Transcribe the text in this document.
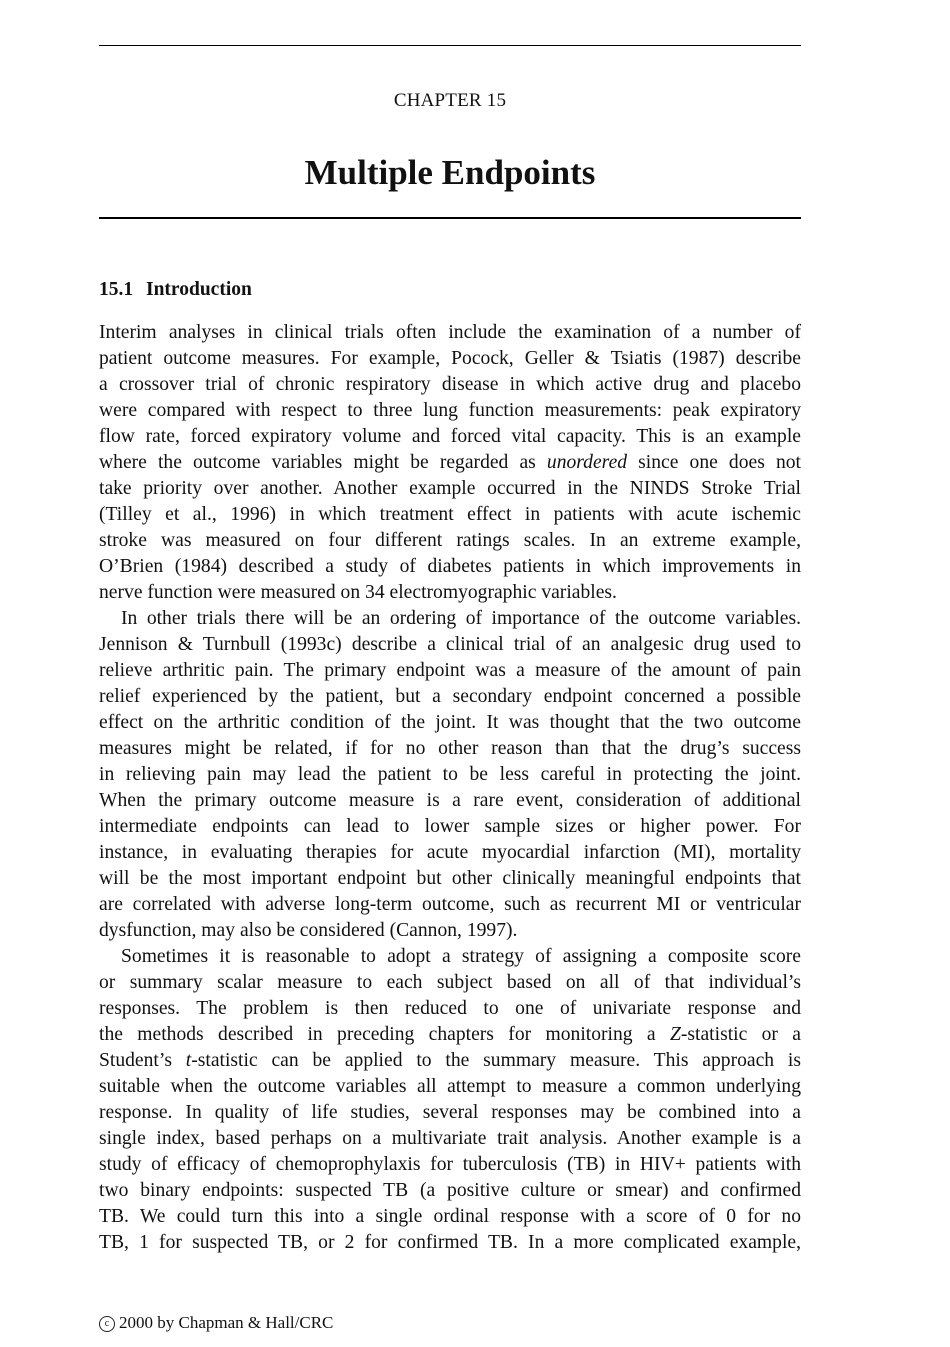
CHAPTER 15
Multiple Endpoints
15.1 Introduction
Interim analyses in clinical trials often include the examination of a number of
patient outcome measures. For example, Pocock, Geller & Tsiatis (1987) describe
a crossover trial of chronic respiratory disease in which active drug and placebo
were compared with respect to three lung function measurements: peak expiratory
flow rate, forced expiratory volume and forced vital capacity. This is an example
where the outcome variables might be regarded as unordered since one does not
take priority over another. Another example occurred in the NINDS Stroke Trial
(Tilley et al., 1996) in which treatment effect in patients with acute ischemic
stroke was measured on four different ratings scales. In an extreme example,
O’Brien (1984) described a study of diabetes patients in which improvements in
nerve function were measured on 34 electromyographic variables.
In other trials there will be an ordering of importance of the outcome variables.
Jennison & Turnbull (1993c) describe a clinical trial of an analgesic drug used to
relieve arthritic pain. The primary endpoint was a measure of the amount of pain
relief experienced by the patient, but a secondary endpoint concerned a possible
effect on the arthritic condition of the joint. It was thought that the two outcome
measures might be related, if for no other reason than that the drug’s success
in relieving pain may lead the patient to be less careful in protecting the joint.
When the primary outcome measure is a rare event, consideration of additional
intermediate endpoints can lead to lower sample sizes or higher power. For
instance, in evaluating therapies for acute myocardial infarction (MI), mortality
will be the most important endpoint but other clinically meaningful endpoints that
are correlated with adverse long-term outcome, such as recurrent MI or ventricular
dysfunction, may also be considered (Cannon, 1997).
Sometimes it is reasonable to adopt a strategy of assigning a composite score
or summary scalar measure to each subject based on all of that individual’s
responses. The problem is then reduced to one of univariate response and
the methods described in preceding chapters for monitoring a Z-statistic or a
Student’s t-statistic can be applied to the summary measure. This approach is
suitable when the outcome variables all attempt to measure a common underlying
response. In quality of life studies, several responses may be combined into a
single index, based perhaps on a multivariate trait analysis. Another example is a
study of efficacy of chemoprophylaxis for tuberculosis (TB) in HIV+ patients with
two binary endpoints: suspected TB (a positive culture or smear) and confirmed
TB. We could turn this into a single ordinal response with a score of 0 for no
TB, 1 for suspected TB, or 2 for confirmed TB. In a more complicated example,
c 2000 by Chapman & Hall/CRC
